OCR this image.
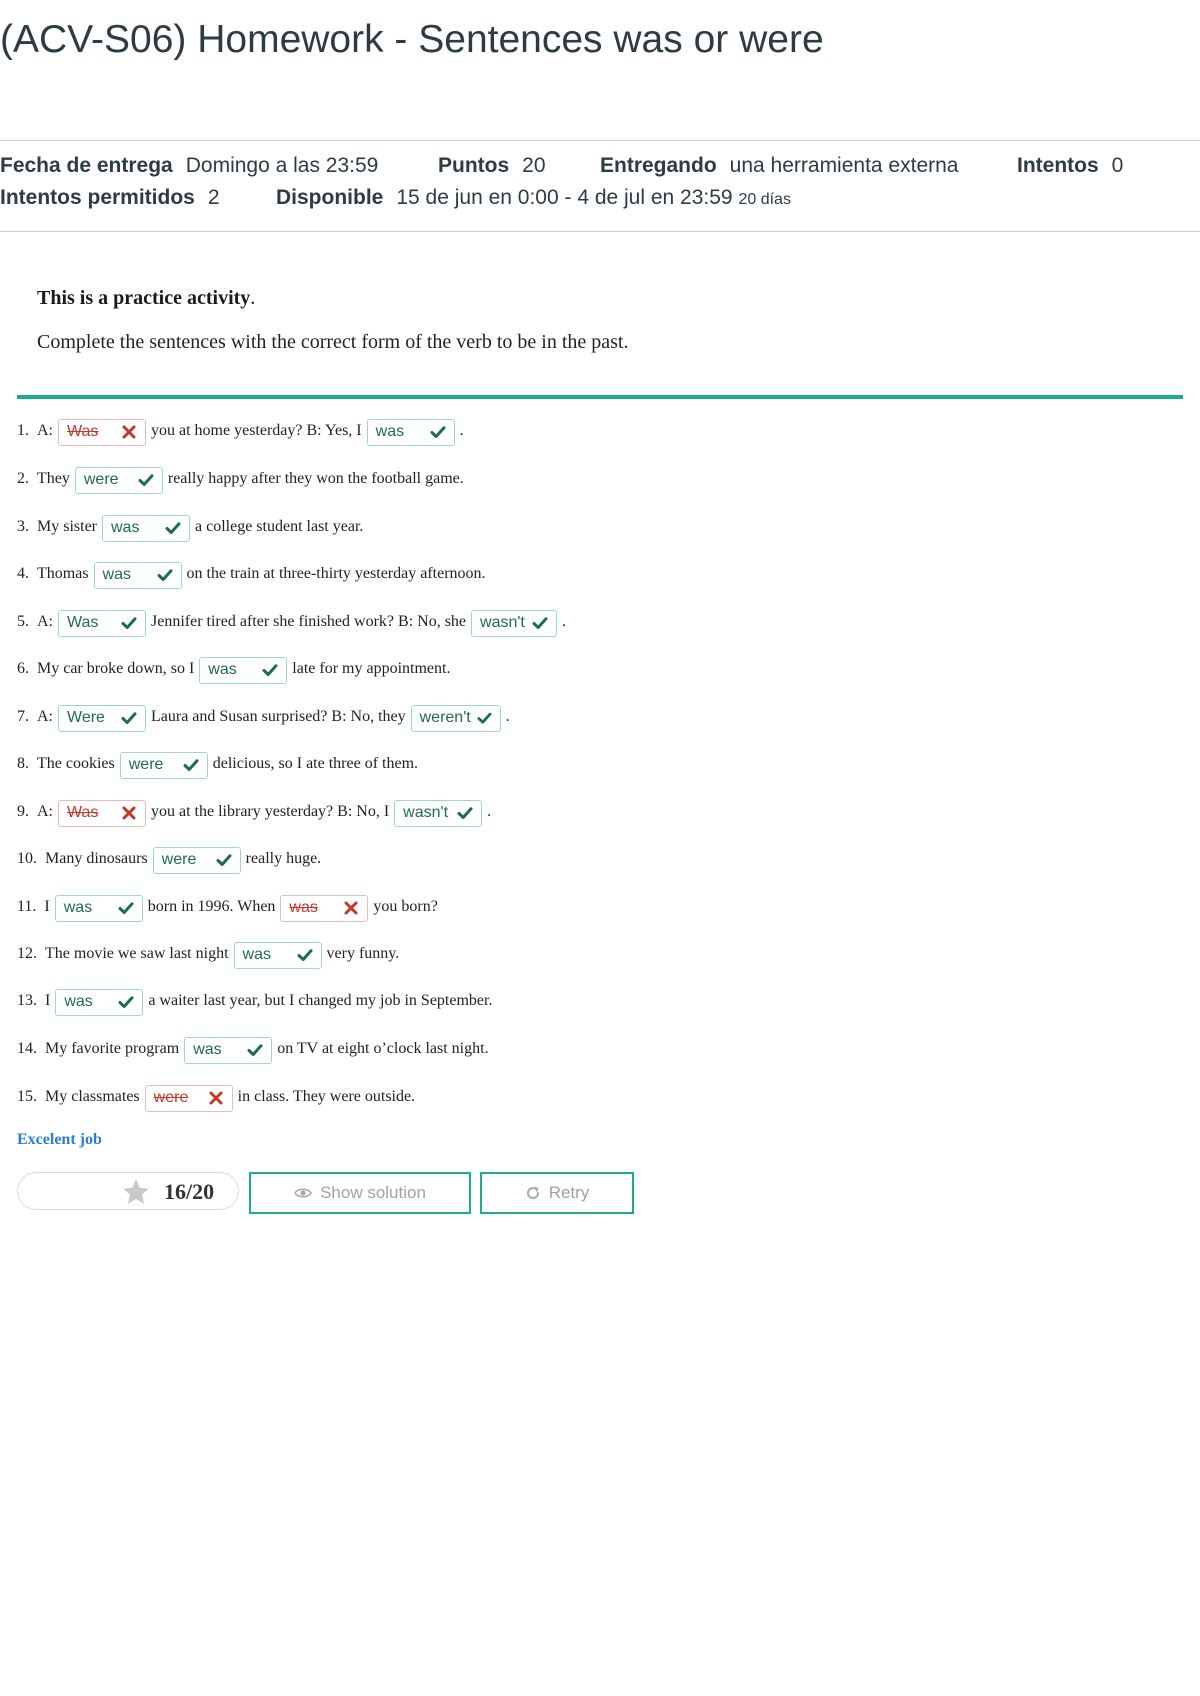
(ACV-S06) Homework - Sentences was or were
Fecha de entrega Domingo a las 23:59	Puntos 20	Entregando una herramienta externa	Intentos 0
Intentos permitidos 2	Disponible 15 de jun en 0:00 - 4 de jul en 23:59 20 días
This is a practice activity.
Complete the sentences with the correct form of the verb to be in the past.
1. A: Was	you at home yesterday? B: Yes, I was	.
2. They were	really happy after they won the football game.
3. My sister was	a college student last year.
4. Thomas was	on the train at three-thirty yesterday afternoon.
5. A: Was	Jennifer tired after she finished work? B: No, she wasn't .
6. My car broke down, so I was	late for my appointment.
7. A: Were	Laura and Susan surprised? B: No, they weren't .
8. The cookies were	delicious, so I ate three of them.
9. A: Was	you at the library yesterday? B: No, I wasn't .
10. Many dinosaurs were	really huge.
11. I was	born in 1996. When was	you born?
12. The movie we saw last night was	very funny.
13. I was	a waiter last year, but I changed my job in September.
14. My favorite program was	on TV at eight o’clock last night.
15. My classmates were	in class. They were outside.
Excelent job
16/20	Show solution	Retry
